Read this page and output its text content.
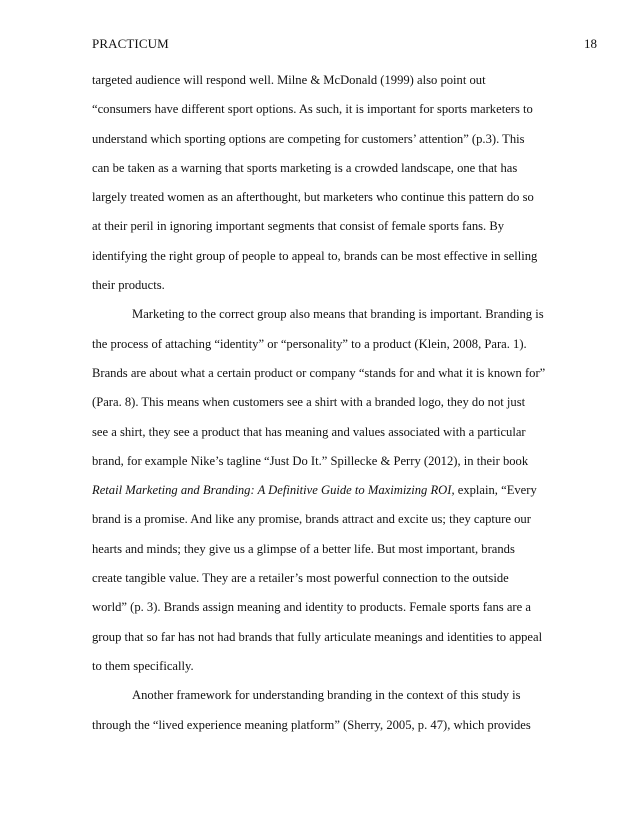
PRACTICUM	18
targeted audience will respond well. Milne & McDonald (1999) also point out
“consumers have different sport options. As such, it is important for sports marketers to
understand which sporting options are competing for customers’ attention” (p.3). This
can be taken as a warning that sports marketing is a crowded landscape, one that has
largely treated women as an afterthought, but marketers who continue this pattern do so
at their peril in ignoring important segments that consist of female sports fans. By
identifying the right group of people to appeal to, brands can be most effective in selling
their products.
Marketing to the correct group also means that branding is important. Branding is
the process of attaching “identity” or “personality” to a product (Klein, 2008, Para. 1).
Brands are about what a certain product or company “stands for and what it is known for”
(Para. 8). This means when customers see a shirt with a branded logo, they do not just
see a shirt, they see a product that has meaning and values associated with a particular
brand, for example Nike’s tagline “Just Do It.” Spillecke & Perry (2012), in their book
Retail Marketing and Branding: A Definitive Guide to Maximizing ROI, explain, “Every
brand is a promise. And like any promise, brands attract and excite us; they capture our
hearts and minds; they give us a glimpse of a better life. But most important, brands
create tangible value. They are a retailer’s most powerful connection to the outside
world” (p. 3). Brands assign meaning and identity to products. Female sports fans are a
group that so far has not had brands that fully articulate meanings and identities to appeal
to them specifically.
Another framework for understanding branding in the context of this study is
through the “lived experience meaning platform” (Sherry, 2005, p. 47), which provides
